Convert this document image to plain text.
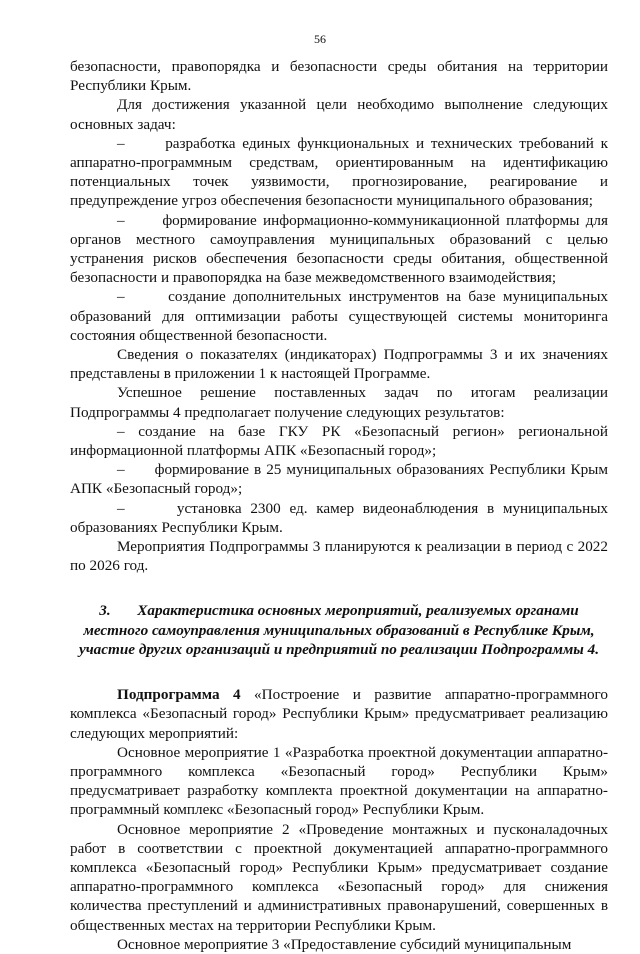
56

безопасности, правопорядка и безопасности среды обитания на территории Республики Крым.

Для достижения указанной цели необходимо выполнение следующих основных задач:

–      разработка единых функциональных и технических требований к аппаратно-программным средствам, ориентированным на идентификацию потенциальных точек уязвимости, прогнозирование, реагирование и предупреждение угроз обеспечения безопасности муниципального образования;

–      формирование информационно-коммуникационной платформы для органов местного самоуправления муниципальных образований с целью устранения рисков обеспечения безопасности среды обитания, общественной безопасности и правопорядка на базе межведомственного взаимодействия;

–      создание дополнительных инструментов на базе муниципальных образований для оптимизации работы существующей системы мониторинга состояния общественной безопасности.

Сведения о показателях (индикаторах) Подпрограммы 3 и их значениях представлены в приложении 1 к настоящей Программе.

Успешное решение поставленных задач по итогам реализации Подпрограммы 4 предполагает получение следующих результатов:

– создание на базе ГКУ РК «Безопасный регион» региональной информационной платформы АПК «Безопасный город»;

–      формирование в 25 муниципальных образованиях Республики Крым АПК «Безопасный город»;

–      установка 2300 ед. камер видеонаблюдения в муниципальных образованиях Республики Крым.

Мероприятия Подпрограммы 3 планируются к реализации в период с 2022 по 2026 год.

3.       Характеристика основных мероприятий, реализуемых органами местного самоуправления муниципальных образований в Республике Крым, участие других организаций и предприятий по реализации Подпрограммы 4.

Подпрограмма 4 «Построение и развитие аппаратно-программного комплекса «Безопасный город» Республики Крым» предусматривает реализацию следующих мероприятий:

Основное мероприятие 1 «Разработка проектной документации аппаратно-программного комплекса «Безопасный город» Республики Крым» предусматривает разработку комплекта проектной документации на аппаратно-программный комплекс «Безопасный город» Республики Крым.

Основное мероприятие 2 «Проведение монтажных и пусконаладочных работ в соответствии с проектной документацией аппаратно-программного комплекса «Безопасный город» Республики Крым» предусматривает создание аппаратно-программного комплекса «Безопасный город» для снижения количества преступлений и административных правонарушений, совершенных в общественных местах на территории Республики Крым.

Основное мероприятие 3 «Предоставление субсидий муниципальным
